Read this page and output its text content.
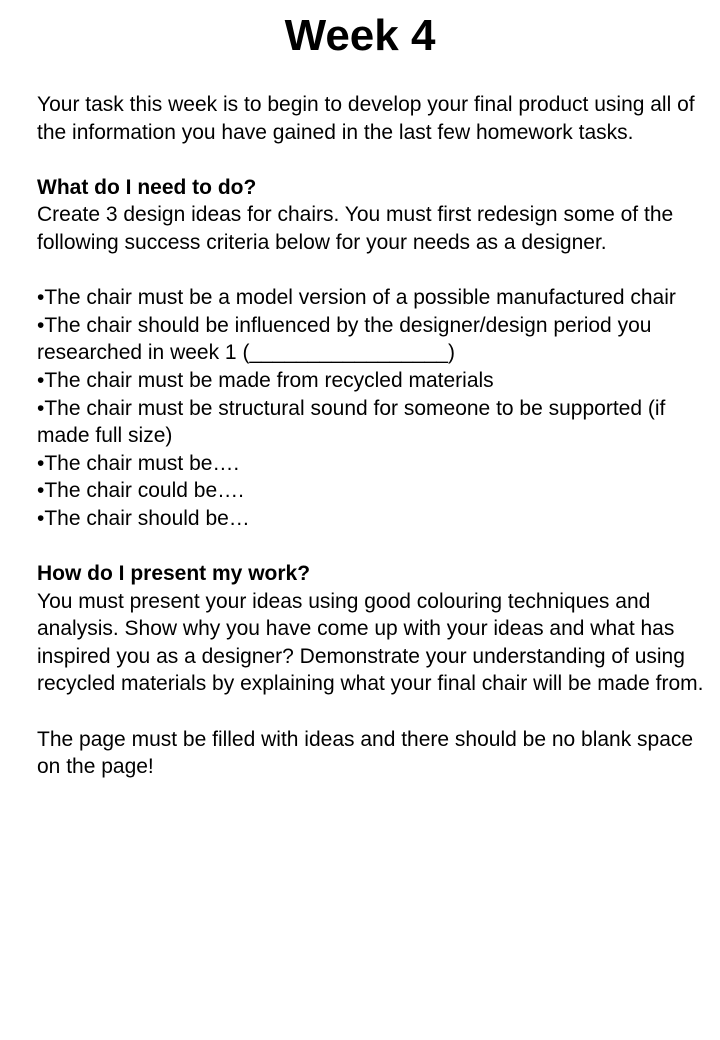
Week 4

Your task this week is to begin to develop your final product using all of the information you have gained in the last few homework tasks.

What do I need to do?

Create 3 design ideas for chairs. You must first redesign some of the following success criteria below for your needs as a designer.

• The chair must be a model version of a possible manufactured chair
• The chair should be influenced by the designer/design period you researched in week 1 (_________________)
• The chair must be made from recycled materials
• The chair must be structural sound for someone to be supported (if made full size)
• The chair must be….
• The chair could be….
• The chair should be…

How do I present my work?

You must present your ideas using good colouring techniques and analysis. Show why you have come up with your ideas and what has inspired you as a designer? Demonstrate your understanding of using recycled materials by explaining what your final chair will be made from.

The page must be filled with ideas and there should be no blank space on the page!
